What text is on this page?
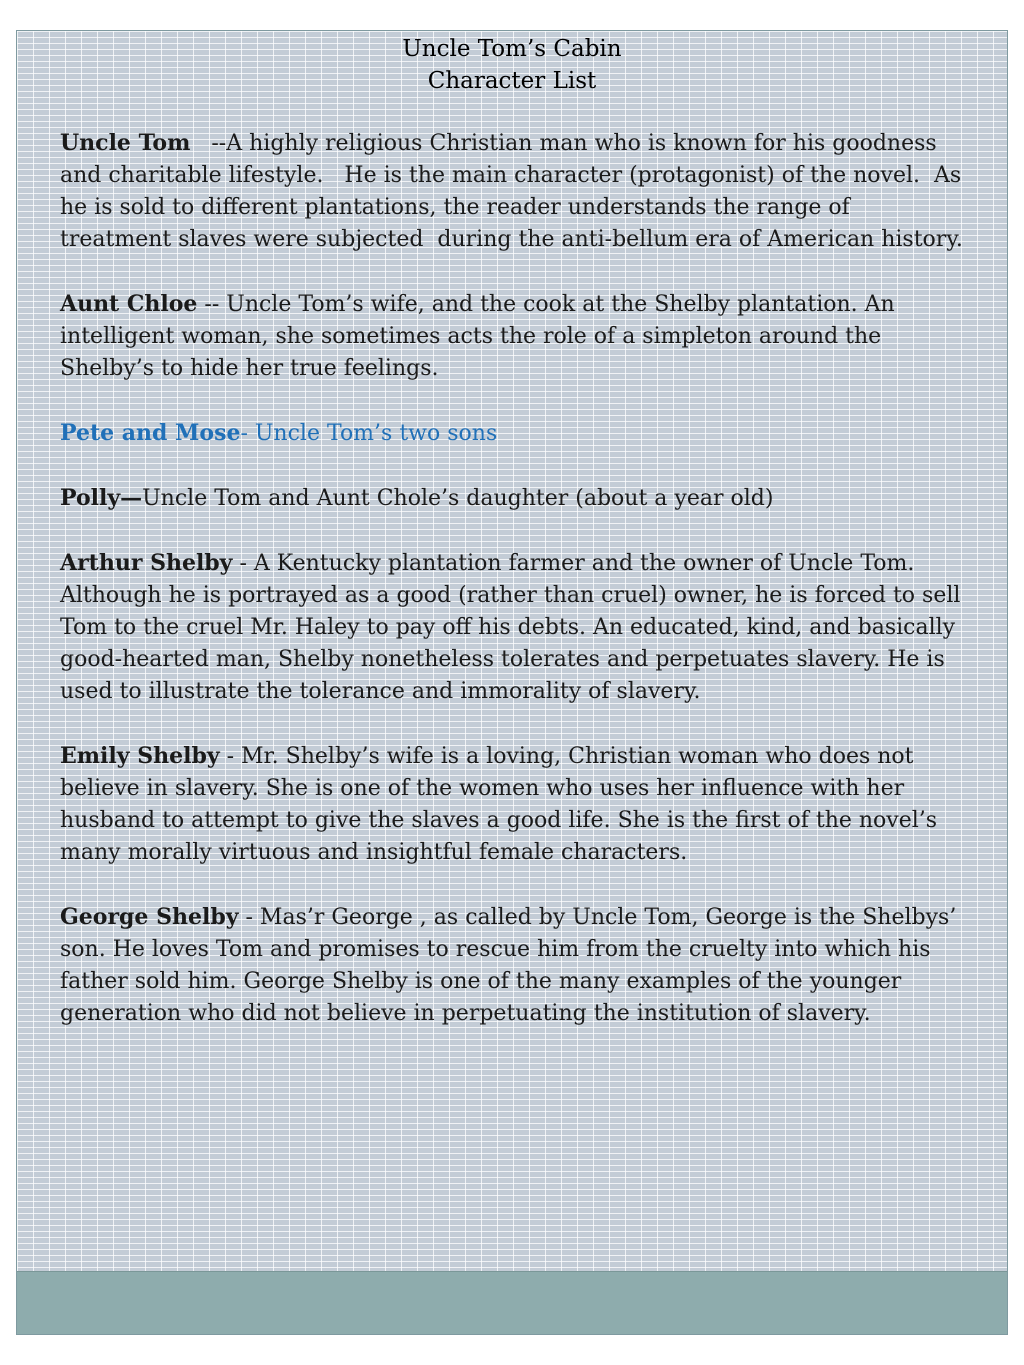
Uncle Tom’s Cabin
Character List

Uncle Tom   --A highly religious Christian man who is known for his goodness and charitable lifestyle.   He is the main character (protagonist) of the novel.  As he is sold to different plantations, the reader understands the range of treatment slaves were subjected  during the anti-bellum era of American history.

Aunt Chloe -- Uncle Tom’s wife, and the cook at the Shelby plantation. An intelligent woman, she sometimes acts the role of a simpleton around the Shelby’s to hide her true feelings.

Pete and Mose- Uncle Tom’s two sons

Polly—Uncle Tom and Aunt Chole’s daughter (about a year old)

Arthur Shelby - A Kentucky plantation farmer and the owner of Uncle Tom. Although he is portrayed as a good (rather than cruel) owner, he is forced to sell Tom to the cruel Mr. Haley to pay off his debts. An educated, kind, and basically good-hearted man, Shelby nonetheless tolerates and perpetuates slavery. He is used to illustrate the tolerance and immorality of slavery.

Emily Shelby - Mr. Shelby’s wife is a loving, Christian woman who does not believe in slavery. She is one of the women who uses her influence with her husband to attempt to give the slaves a good life. She is the first of the novel’s many morally virtuous and insightful female characters.

George Shelby - Mas’r George , as called by Uncle Tom, George is the Shelbys’ son. He loves Tom and promises to rescue him from the cruelty into which his father sold him. George Shelby is one of the many examples of the younger generation who did not believe in perpetuating the institution of slavery.
